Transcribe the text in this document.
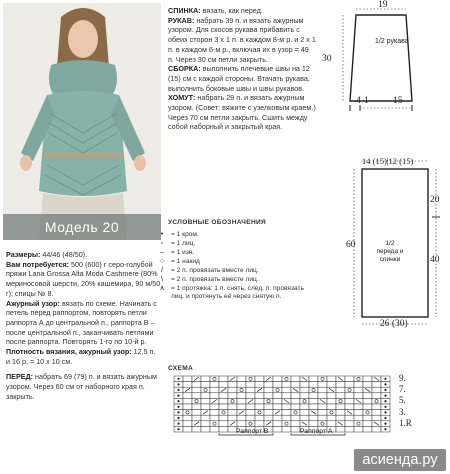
Модель 20

Размеры: 44/46 (48/50).

Вам потребуется: 500 (600) г серо-голубой пряжи Lana Grossa Alta Moda Cashmere (80% мериносовой шерсти, 20% кашемира, 90 м/50 г); спицы № 8.

Ажурный узор: вязать по схеме. Начинать с петель перед раппортом, повторять петли раппорта А до центральной п., раппорта В – после центральной п., заканчивать петлями после раппорта. Повторять 1-го по 10-й р.

Плотность вязания, ажурный узор: 12,5 п. и 16 р. = 10 х 10 см.

ПЕРЕД: набрать 69 (79) п. и вязать ажурным узором. Через 60 см от наборного края п. закрыть.

СПИНКА: вязать, как перед.

РУКАВ: набрать 39 п. и вязать ажурным узором. Для скосов рукава прибавить с обеих сторон 3 х 1 п. в каждом 8-м р. и 2 х 1 п. в каждом 6-м р., включая их в узор = 49 п. Через 30 см петли закрыть.

СБОРКА: выполнить плечевые швы на 12 (15) см с каждой стороны. Втачать рукава, выполнить боковые швы и швы рукавов.

ХОМУТ: набрать 29 п. и вязать ажурным узором. (Совет: вяжите с узелковым краем.) Через 70 см петли закрыть. Сшить между собой наборный и закрытый края.

УСЛОВНЫЕ ОБОЗНАЧЕНИЯ
•	= 1 кром.
▫	= 1 лиц.
–	= 1 изн.
○	= 1 накид
/	= 2 п. провязать вместе лиц.
\	= 2 п. провязать вместе лиц.
∧ = 1 протяжка: 1 п. снять, след. п. провязать лиц. и протянуть её через снятую п.
19
30
1/2 рукава
4 1	15
14 (15)|12 (15)
20
40
60	1/2
переда и
спинки
26 (30)
СХЕМА
9.
7.
5.
3.
1.R
Раппорт B	Раппорт A
асиенда.ру
